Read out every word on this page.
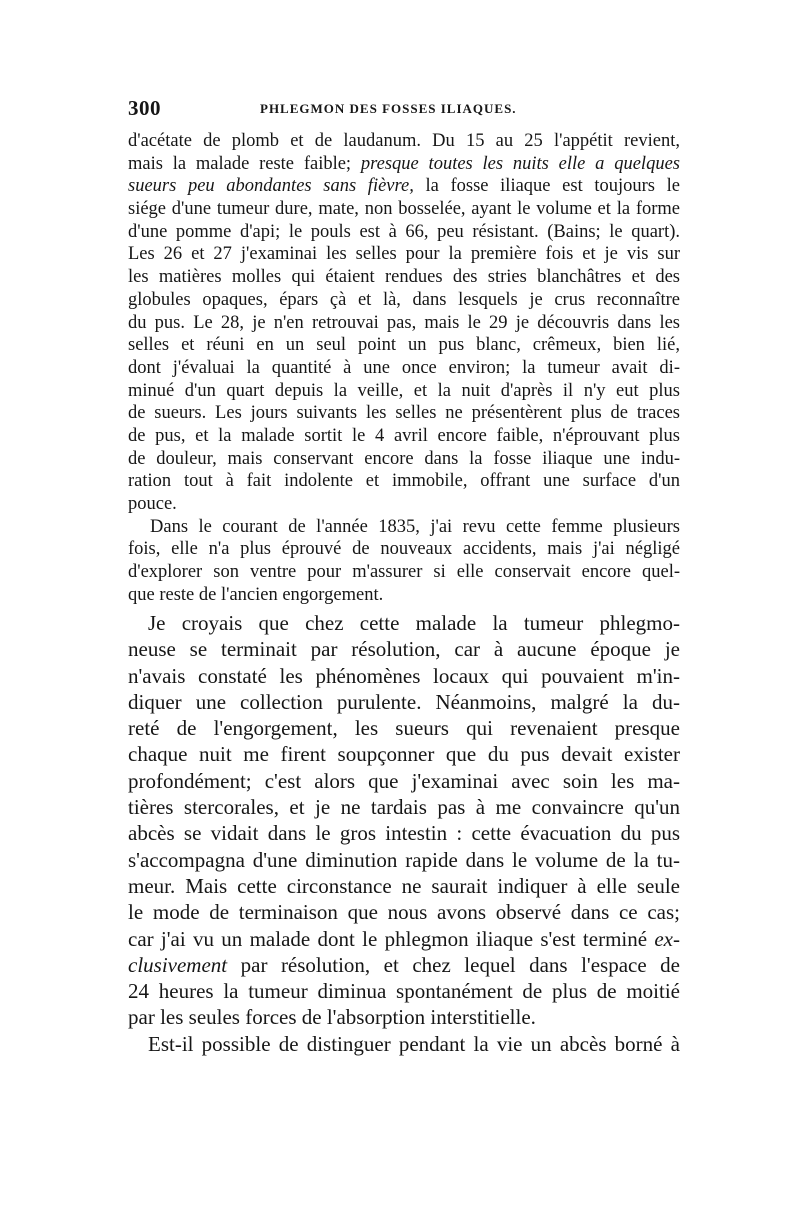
300	PHLEGMON DES FOSSES ILIAQUES.
d'acétate de plomb et de laudanum. Du 15 au 25 l'appétit revient,
mais la malade reste faible; presque toutes les nuits elle a quelques
sueurs peu abondantes sans fièvre, la fosse iliaque est toujours le
siége d'une tumeur dure, mate, non bosselée, ayant le volume et la forme
d'une pomme d'api; le pouls est à 66, peu résistant. (Bains; le quart).
Les 26 et 27 j'examinai les selles pour la première fois et je vis sur
les matières molles qui étaient rendues des stries blanchâtres et des
globules opaques, épars çà et là, dans lesquels je crus reconnaître
du pus. Le 28, je n'en retrouvai pas, mais le 29 je découvris dans les
selles et réuni en un seul point un pus blanc, crêmeux, bien lié,
dont j'évaluai la quantité à une once environ; la tumeur avait di-
minué d'un quart depuis la veille, et la nuit d'après il n'y eut plus
de sueurs. Les jours suivants les selles ne présentèrent plus de traces
de pus, et la malade sortit le 4 avril encore faible, n'éprouvant plus
de douleur, mais conservant encore dans la fosse iliaque une indu-
ration tout à fait indolente et immobile, offrant une surface d'un
pouce.
Dans le courant de l'année 1835, j'ai revu cette femme plusieurs
fois, elle n'a plus éprouvé de nouveaux accidents, mais j'ai négligé
d'explorer son ventre pour m'assurer si elle conservait encore quel-
que reste de l'ancien engorgement.
Je croyais que chez cette malade la tumeur phlegmo-
neuse se terminait par résolution, car à aucune époque je
n'avais constaté les phénomènes locaux qui pouvaient m'in-
diquer une collection purulente. Néanmoins, malgré la du-
reté de l'engorgement, les sueurs qui revenaient presque
chaque nuit me firent soupçonner que du pus devait exister
profondément; c'est alors que j'examinai avec soin les ma-
tières stercorales, et je ne tardais pas à me convaincre qu'un
abcès se vidait dans le gros intestin : cette évacuation du pus
s'accompagna d'une diminution rapide dans le volume de la tu-
meur. Mais cette circonstance ne saurait indiquer à elle seule
le mode de terminaison que nous avons observé dans ce cas;
car j'ai vu un malade dont le phlegmon iliaque s'est terminé ex-
clusivement par résolution, et chez lequel dans l'espace de
24 heures la tumeur diminua spontanément de plus de moitié
par les seules forces de l'absorption interstitielle.
Est-il possible de distinguer pendant la vie un abcès borné à
